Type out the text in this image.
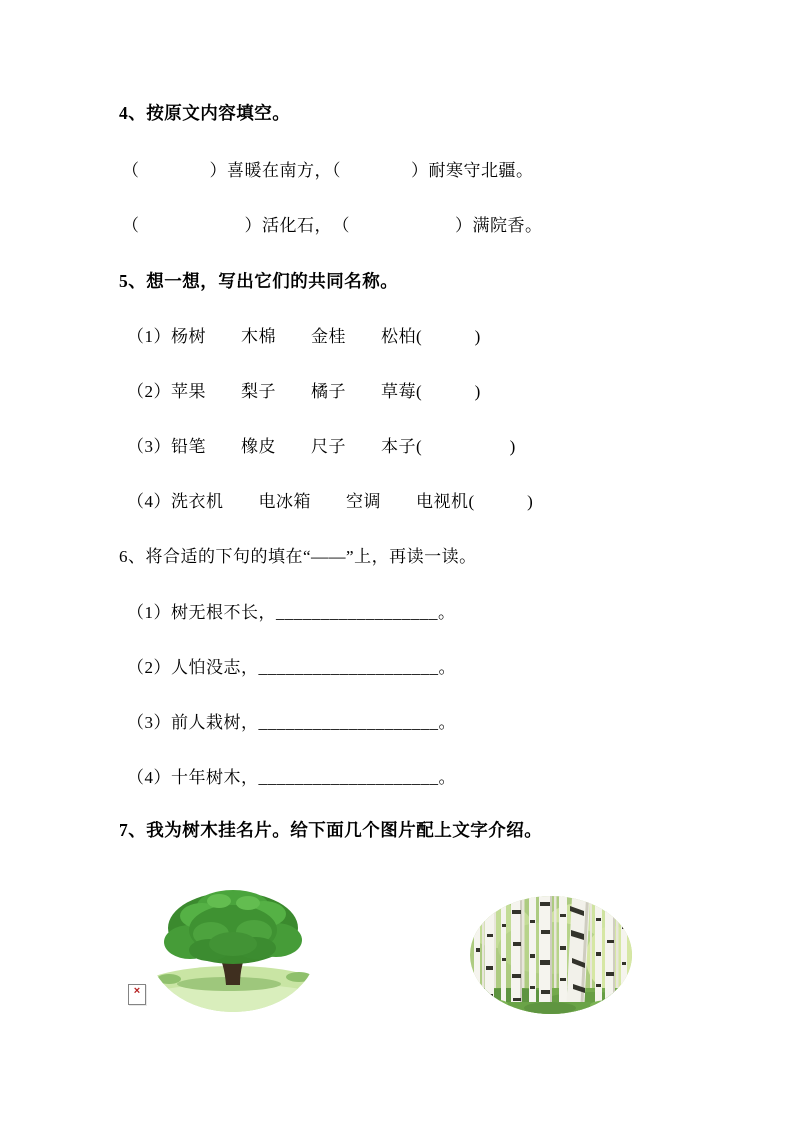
4、按原文内容填空。
（　　　　）喜暖在南方，（　　　　）耐寒守北疆。
（　　　　　　）活化石，　（　　　　　　）满院香。
5、想一想，写出它们的共同名称。
（1）杨树　　木棉　　金桂　　松柏(　　　)
（2）苹果　　梨子　　橘子　　草莓(　　　)
（3）铅笔　　橡皮　　尺子　　本子(　　　　　)
（4）洗衣机　　电冰箱　　空调　　电视机(　　　)
6、将合适的下句的填在“——”上，再读一读。
（1）树无根不长，__________________。
（2）人怕没志，____________________。
（3）前人栽树，____________________。
（4）十年树木，____________________。
7、我为树木挂名片。给下面几个图片配上文字介绍。
×
